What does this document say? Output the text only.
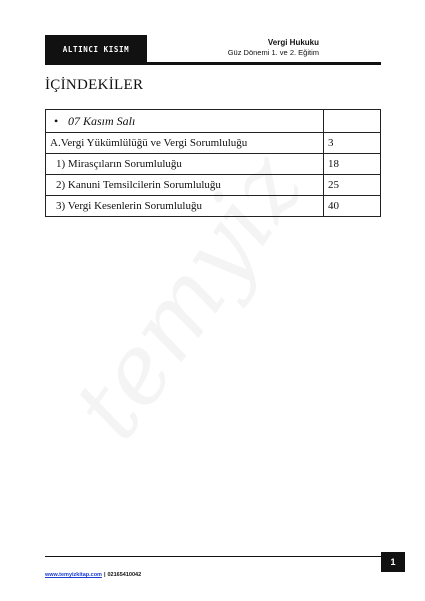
ALTINCI KISIM
Vergi Hukuku
Güz Dönemi 1. ve 2. Eğitim
İÇİNDEKİLER
• 07 Kasım Salı	
A.Vergi Yükümlülüğü ve Vergi Sorumluluğu	3
1) Mirasçıların Sorumluluğu	18
2) Kanuni Temsilcilerin Sorumluluğu	25
3) Vergi Kesenlerin Sorumluluğu	40
1
www.temyizkitap.com | 02165410042
